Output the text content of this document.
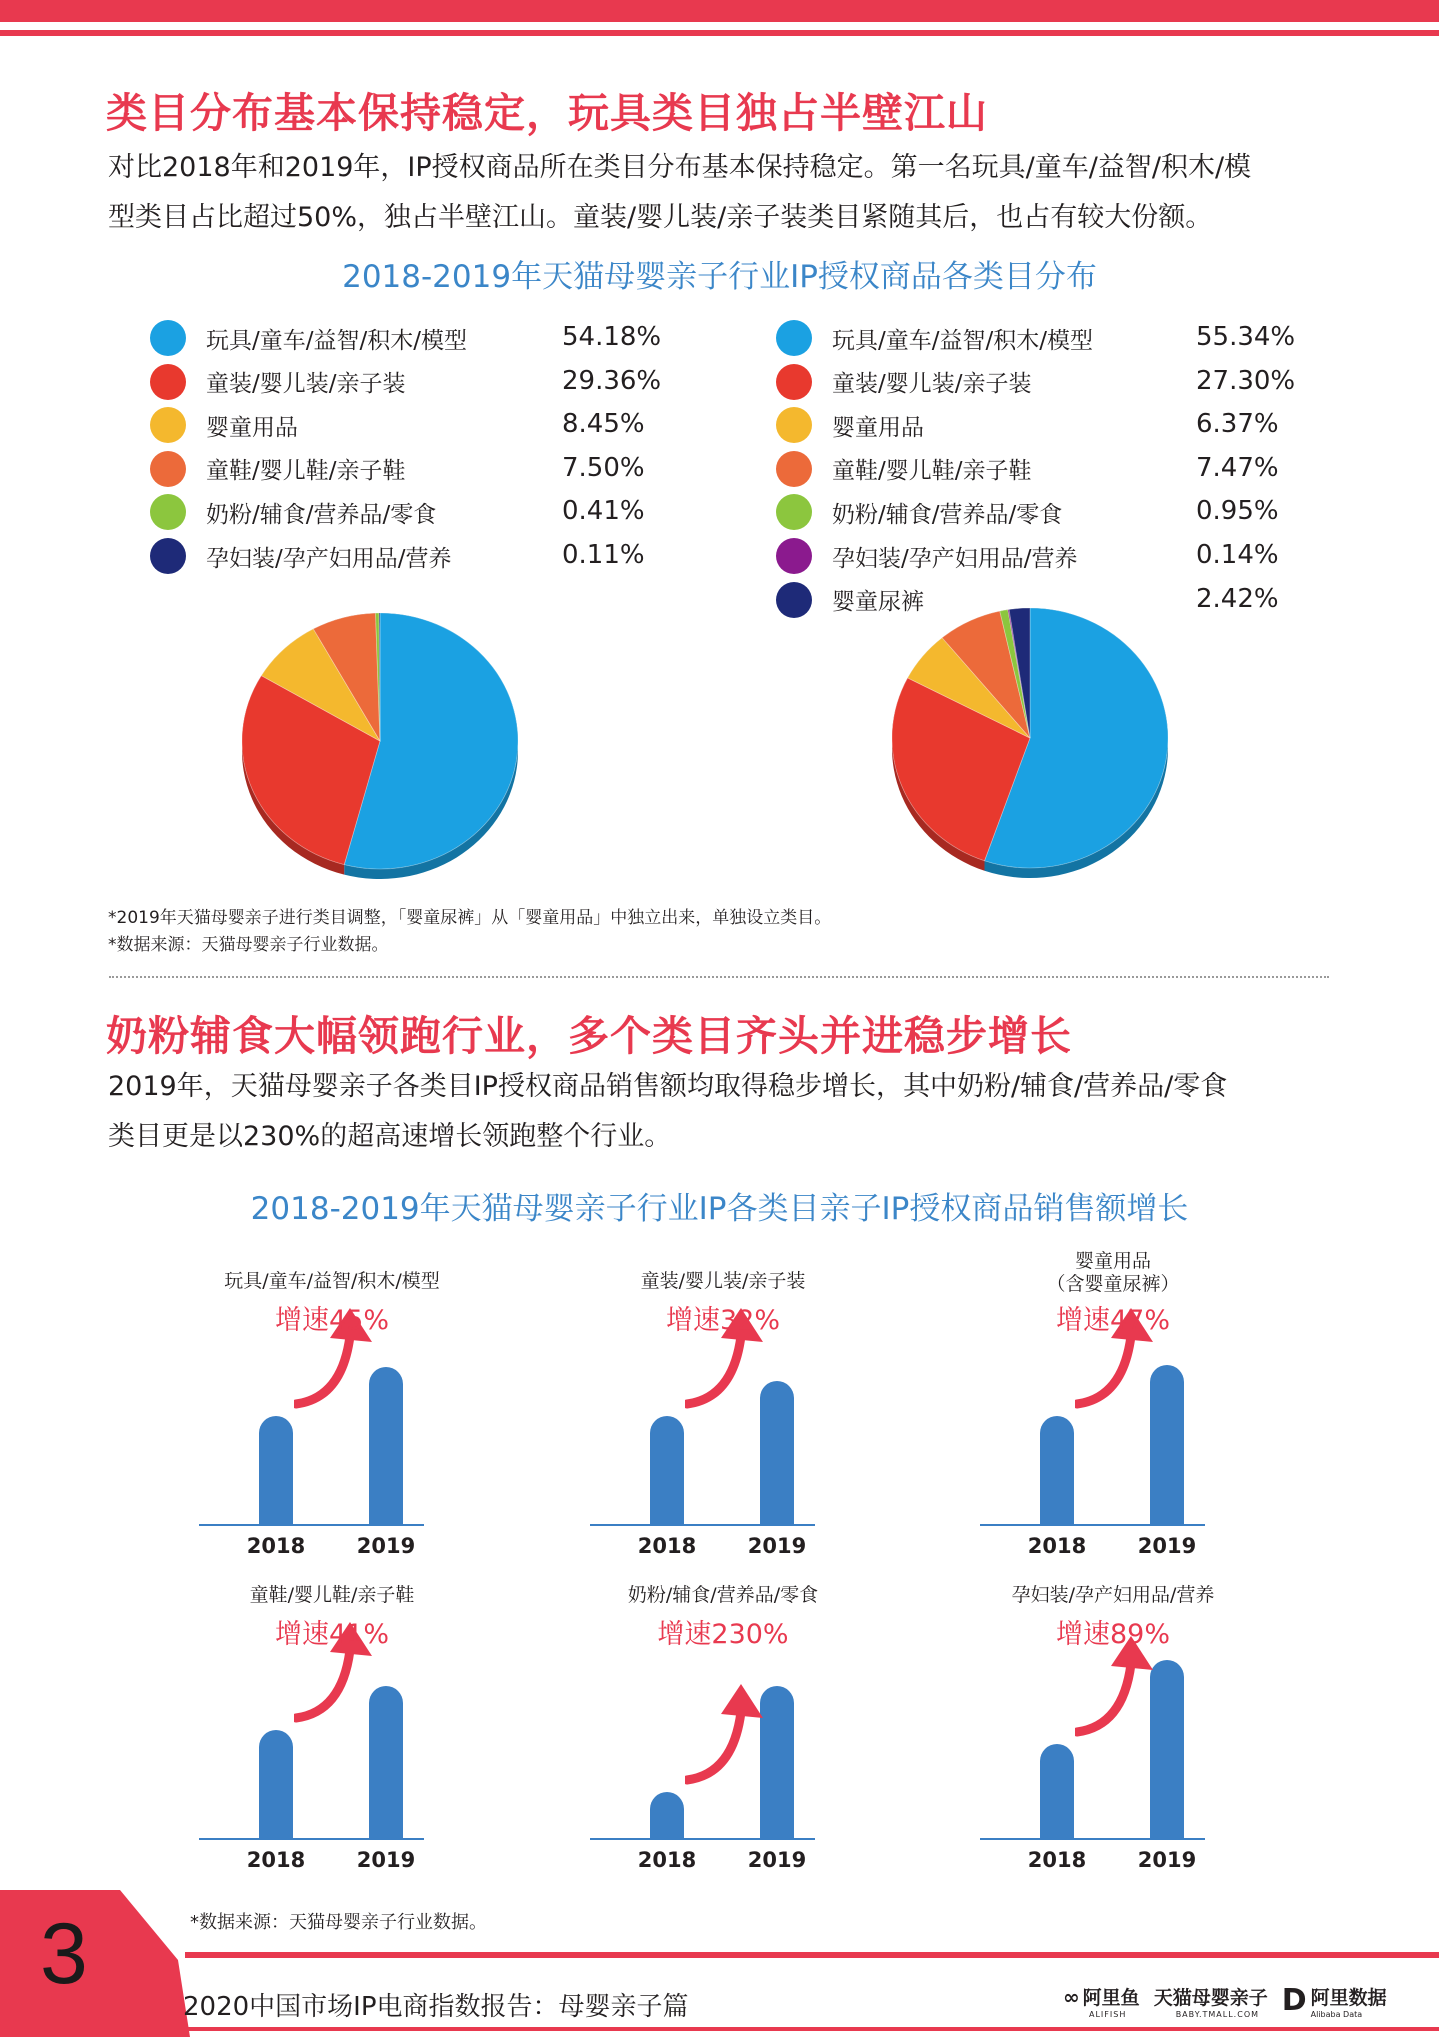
类目分布基本保持稳定，玩具类目独占半壁江山
对比2018年和2019年，IP授权商品所在类目分布基本保持稳定。第一名玩具/童车/益智/积木/模
型类目占比超过50%，独占半壁江山。童装/婴儿装/亲子装类目紧随其后，也占有较大份额。
2018-2019年天猫母婴亲子行业IP授权商品各类目分布
玩具/童车/益智/积木/模型	54.18%
童装/婴儿装/亲子装	29.36%
婴童用品	8.45%
童鞋/婴儿鞋/亲子鞋	7.50%
奶粉/辅食/营养品/零食	0.41%
孕妇装/孕产妇用品/营养	0.11%
玩具/童车/益智/积木/模型	55.34%
童装/婴儿装/亲子装	27.30%
婴童用品	6.37%
童鞋/婴儿鞋/亲子鞋	7.47%
奶粉/辅食/营养品/零食	0.95%
孕妇装/孕产妇用品/营养	0.14%
婴童尿裤	2.42%
*2019年天猫母婴亲子进行类目调整，「婴童尿裤」从「婴童用品」中独立出来，单独设立类目。
*数据来源：天猫母婴亲子行业数据。
奶粉辅食大幅领跑行业，多个类目齐头并进稳步增长
2019年，天猫母婴亲子各类目IP授权商品销售额均取得稳步增长，其中奶粉/辅食/营养品/零食
类目更是以230%的超高速增长领跑整个行业。
2018-2019年天猫母婴亲子行业IP各类目亲子IP授权商品销售额增长
2018 2019
玩具/童车/益智/积木/模型
增速45%
2018 2019
童装/婴儿装/亲子装
增速32%
2018 2019
婴童用品
（含婴童尿裤）
增速47%
2018 2019
童鞋/婴儿鞋/亲子鞋
增速41%
2018 2019
奶粉/辅食/营养品/零食
增速230%
2018 2019
孕妇装/孕产妇用品/营养
增速89%
*数据来源：天猫母婴亲子行业数据。
3
2020中国市场IP电商指数报告：母婴亲子篇	∞ 阿里鱼
ALIFISH
天猫母婴亲子
BABY.TMALL.COM D 阿里数据
Alibaba Data
